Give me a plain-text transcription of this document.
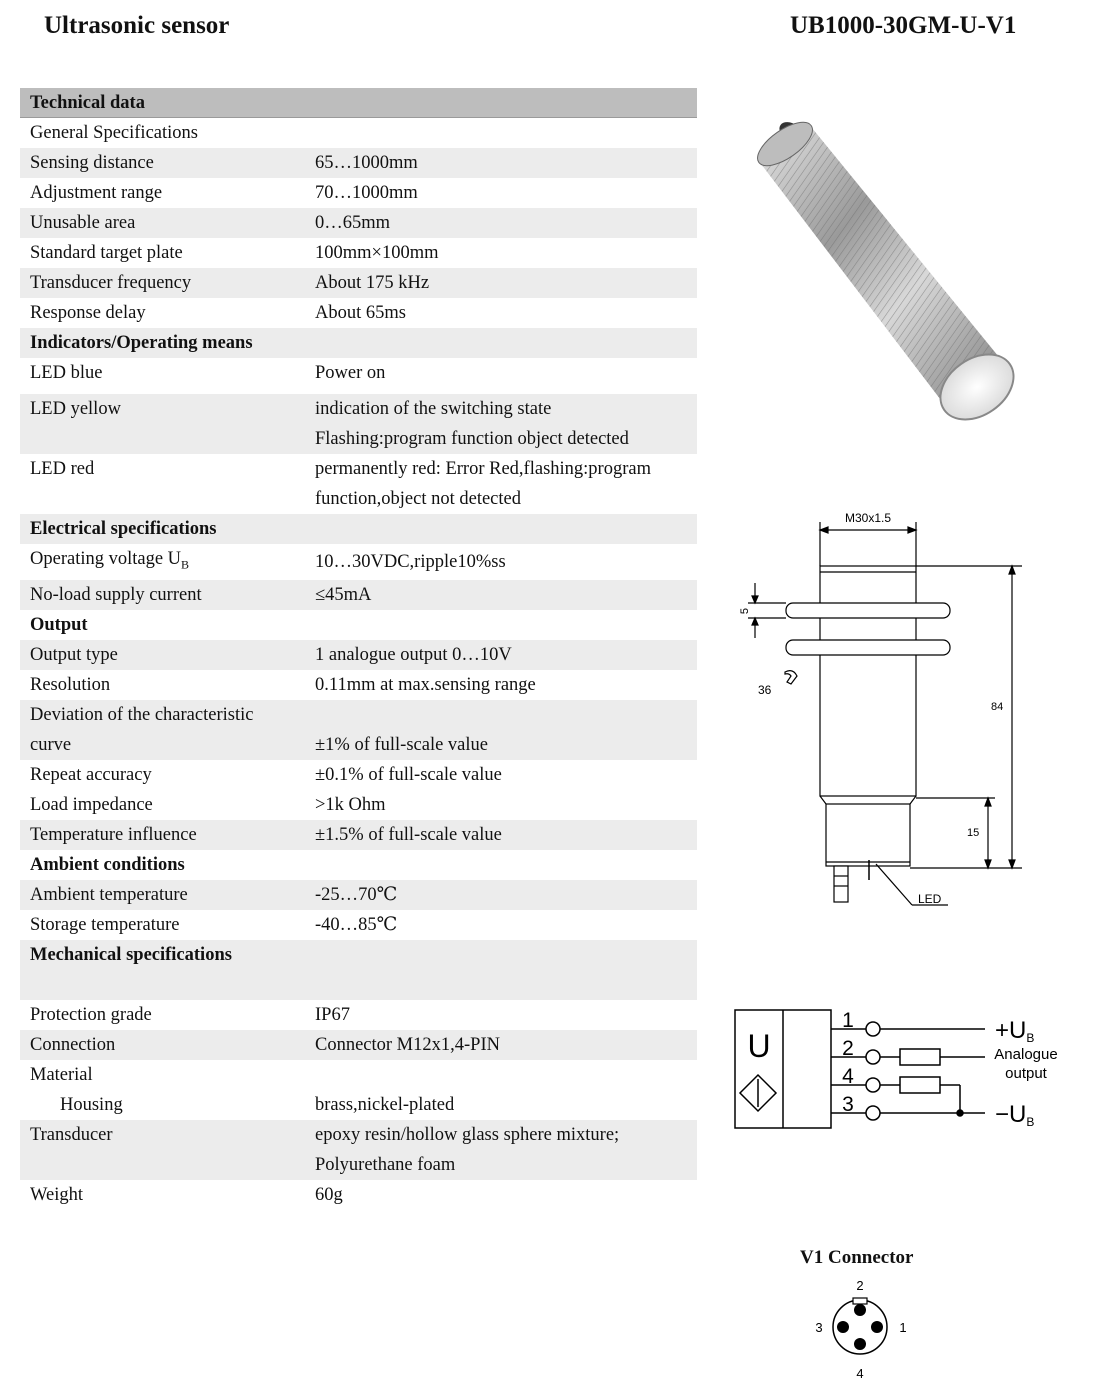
Ultrasonic sensor	UB1000-30GM-U-V1
Technical data
General Specifications
Sensing distance	65…1000mm
Adjustment range	70…1000mm
Unusable area	0…65mm
Standard target plate	100mm×100mm
Transducer frequency	About 175 kHz
Response delay	About 65ms
Indicators/Operating means
LED blue	Power on
LED yellow	indication of the switching state
Flashing:program function object detected
LED red	permanently red: Error Red,flashing:program
function,object not detected
Electrical specifications
Operating voltage $U_B$	10…30VDC,ripple10%ss
No-load supply current	≤45mA
Output
Output type	1 analogue output 0…10V
Resolution	0.11mm at max.sensing range
Deviation of the characteristic
curve	±1% of full-scale value
Repeat accuracy	±0.1% of full-scale value
Load impedance	>1k Ohm
Temperature influence	±1.5% of full-scale value
Ambient conditions
Ambient temperature	-25…70℃
Storage temperature	-40…85℃
Mechanical specifications
Protection grade	IP67
Connection	Connector M12x1,4-PIN
Material
Housing	brass,nickel-plated
Transducer	epoxy resin/hollow glass sphere mixture;
Polyurethane foam
Weight	60g
M30x1.5
5
36
84
15
LED
U
1
2
4
3
+UB
Analogue
output
−UB
2
1
3
4
V1 Connector
